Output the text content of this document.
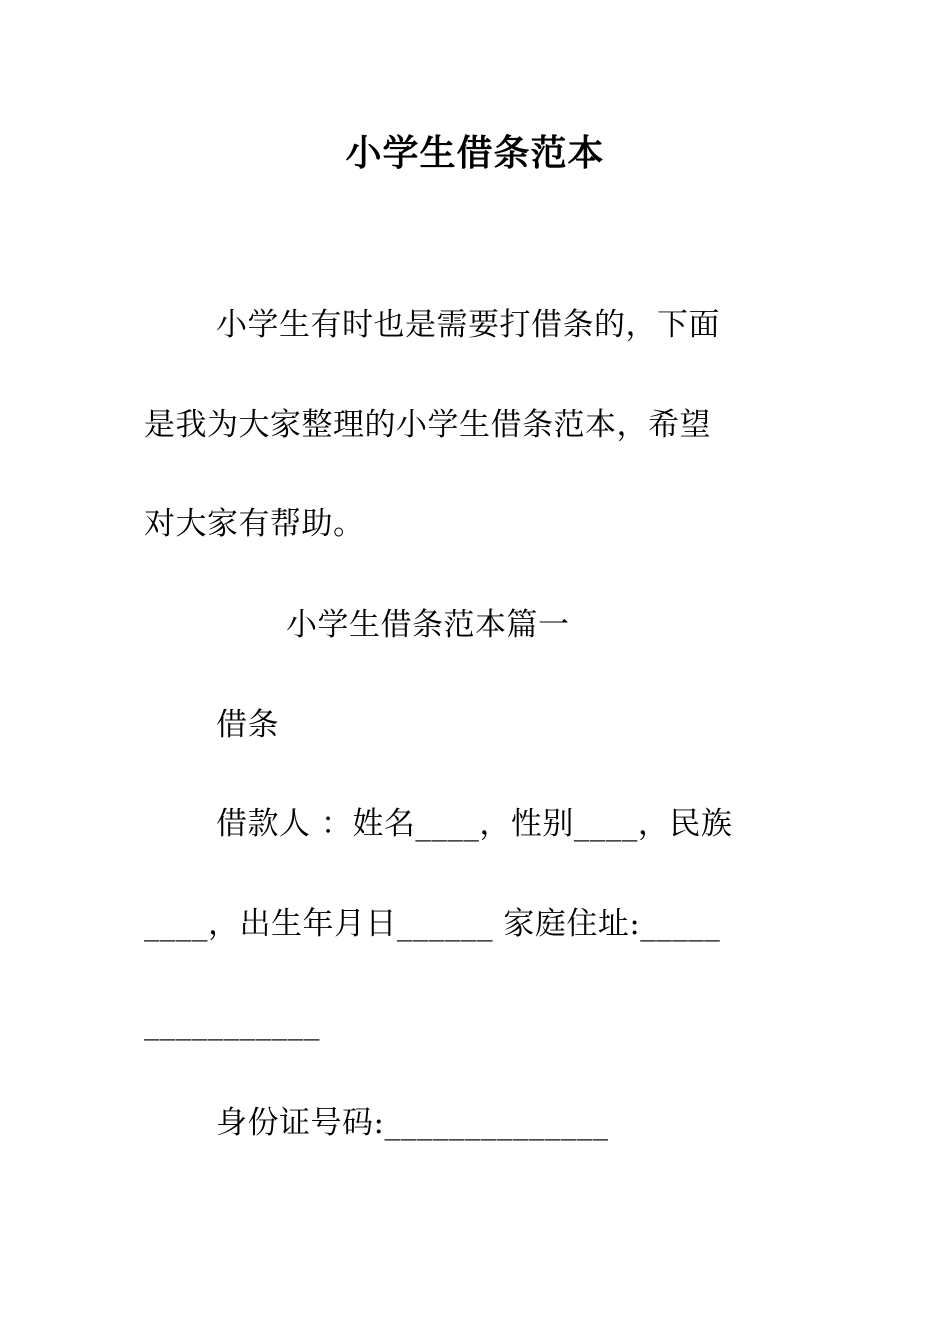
小学生借条范本
小学生有时也是需要打借条的，下面
是我为大家整理的小学生借条范本，希望
对大家有帮助。
小学生借条范本篇一
借条
借款人 ：姓名____，性别____，民族
____，出生年月日______ 家庭住址:_____
___________
身份证号码:______________
